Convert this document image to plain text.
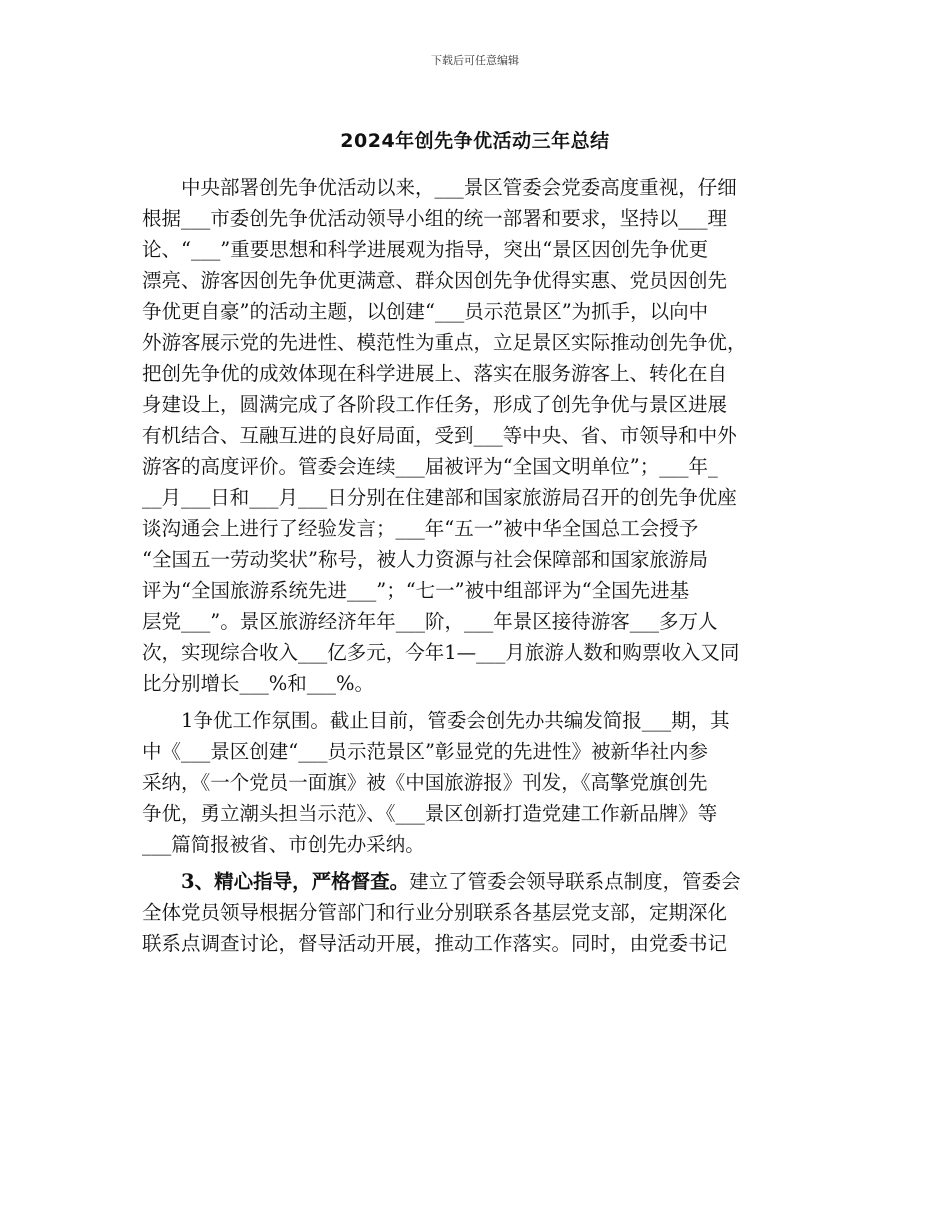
下载后可任意编辑
2024年创先争优活动三年总结

中央部署创先争优活动以来，___景区管委会党委高度重视，仔细
根据___市委创先争优活动领导小组的统一部署和要求，坚持以___理
论、“___”重要思想和科学进展观为指导，突出“景区因创先争优更
漂亮、游客因创先争优更满意、群众因创先争优得实惠、党员因创先
争优更自豪”的活动主题，以创建“___员示范景区”为抓手，以向中
外游客展示党的先进性、模范性为重点，立足景区实际推动创先争优，
把创先争优的成效体现在科学进展上、落实在服务游客上、转化在自
身建设上，圆满完成了各阶段工作任务，形成了创先争优与景区进展
有机结合、互融互进的良好局面，受到___等中央、省、市领导和中外
游客的高度评价。管委会连续___届被评为“全国文明单位”；___年_
__月___日和___月___日分别在住建部和国家旅游局召开的创先争优座
谈沟通会上进行了经验发言；___年“五一”被中华全国总工会授予
“全国五一劳动奖状”称号，被人力资源与社会保障部和国家旅游局
评为“全国旅游系统先进___”；“七一”被中组部评为“全国先进基
层党___”。景区旅游经济年年___阶，___年景区接待游客___多万人
次，实现综合收入___亿多元，今年1—___月旅游人数和购票收入又同
比分别增长___%和___%。

1争优工作氛围。截止目前，管委会创先办共编发简报___期，其
中《___景区创建“___员示范景区”彰显党的先进性》被新华社内参
采纳，《一个党员一面旗》被《中国旅游报》刊发，《高擎党旗创先
争优，勇立潮头担当示范》、《___景区创新打造党建工作新品牌》等
___篇简报被省、市创先办采纳。

3、精心指导，严格督查。建立了管委会领导联系点制度，管委会
全体党员领导根据分管部门和行业分别联系各基层党支部，定期深化
联系点调查讨论，督导活动开展，推动工作落实。同时，由党委书记
